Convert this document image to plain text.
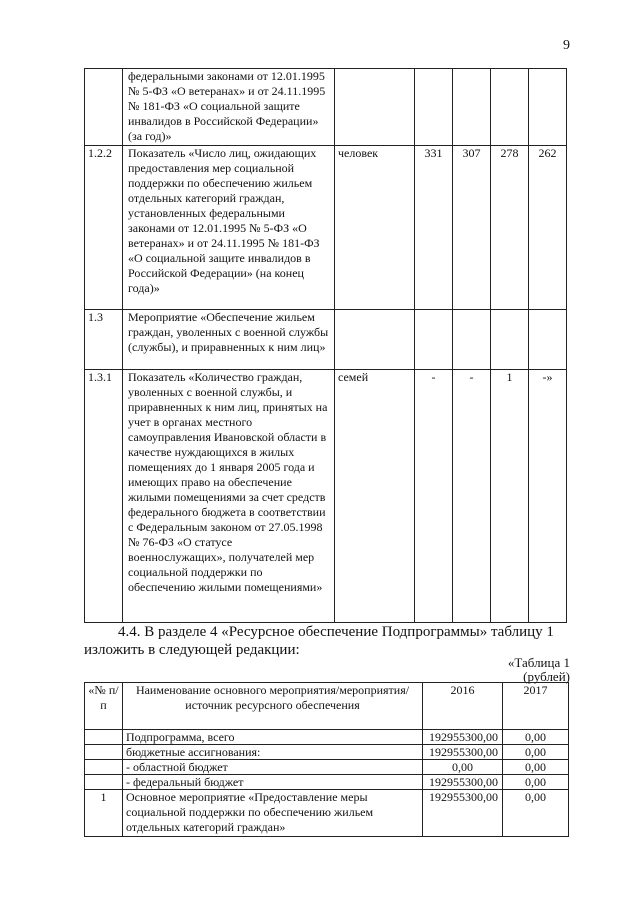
9
	федеральными законами от 12.01.1995 № 5-ФЗ «О ветеранах» и от 24.11.1995 № 181-ФЗ «О социальной защите инвалидов в Российской Федерации» (за год)»					
1.2.2	Показатель «Число лиц, ожидающих предоставления мер социальной поддержки по обеспечению жильем отдельных категорий граждан, установленных федеральными законами от 12.01.1995 № 5-ФЗ «О ветеранах» и от 24.11.1995 № 181-ФЗ «О социальной защите инвалидов в Российской Федерации» (на конец года)»	человек	331	307	278	262
1.3	Мероприятие «Обеспечение жильем граждан, уволенных с военной службы (службы), и приравненных к ним лиц»					
1.3.1	Показатель «Количество граждан, уволенных с военной службы, и приравненных к ним лиц, принятых на учет в органах местного самоуправления Ивановской области в качестве нуждающихся в жилых помещениях до 1 января 2005 года и имеющих право на обеспечение жилыми помещениями за счет средств федерального бюджета в соответствии с Федеральным законом от 27.05.1998 № 76-ФЗ «О статусе военнослужащих», получателей мер социальной поддержки по обеспечению жилыми помещениями»	семей	-	-	1	-»
4.4. В разделе 4 «Ресурсное обеспечение Подпрограммы» таблицу 1
изложить в следующей редакции:
«Таблица 1
(рублей)
«№ п/п	Наименование основного мероприятия/мероприятия/источник ресурсного обеспечения	2016	2017
	Подпрограмма, всего	192955300,00	0,00
	бюджетные ассигнования:	192955300,00	0,00
	- областной бюджет	0,00	0,00
	- федеральный бюджет	192955300,00	0,00
1	Основное мероприятие «Предоставление меры социальной поддержки по обеспечению жильем отдельных категорий граждан»	192955300,00	0,00
